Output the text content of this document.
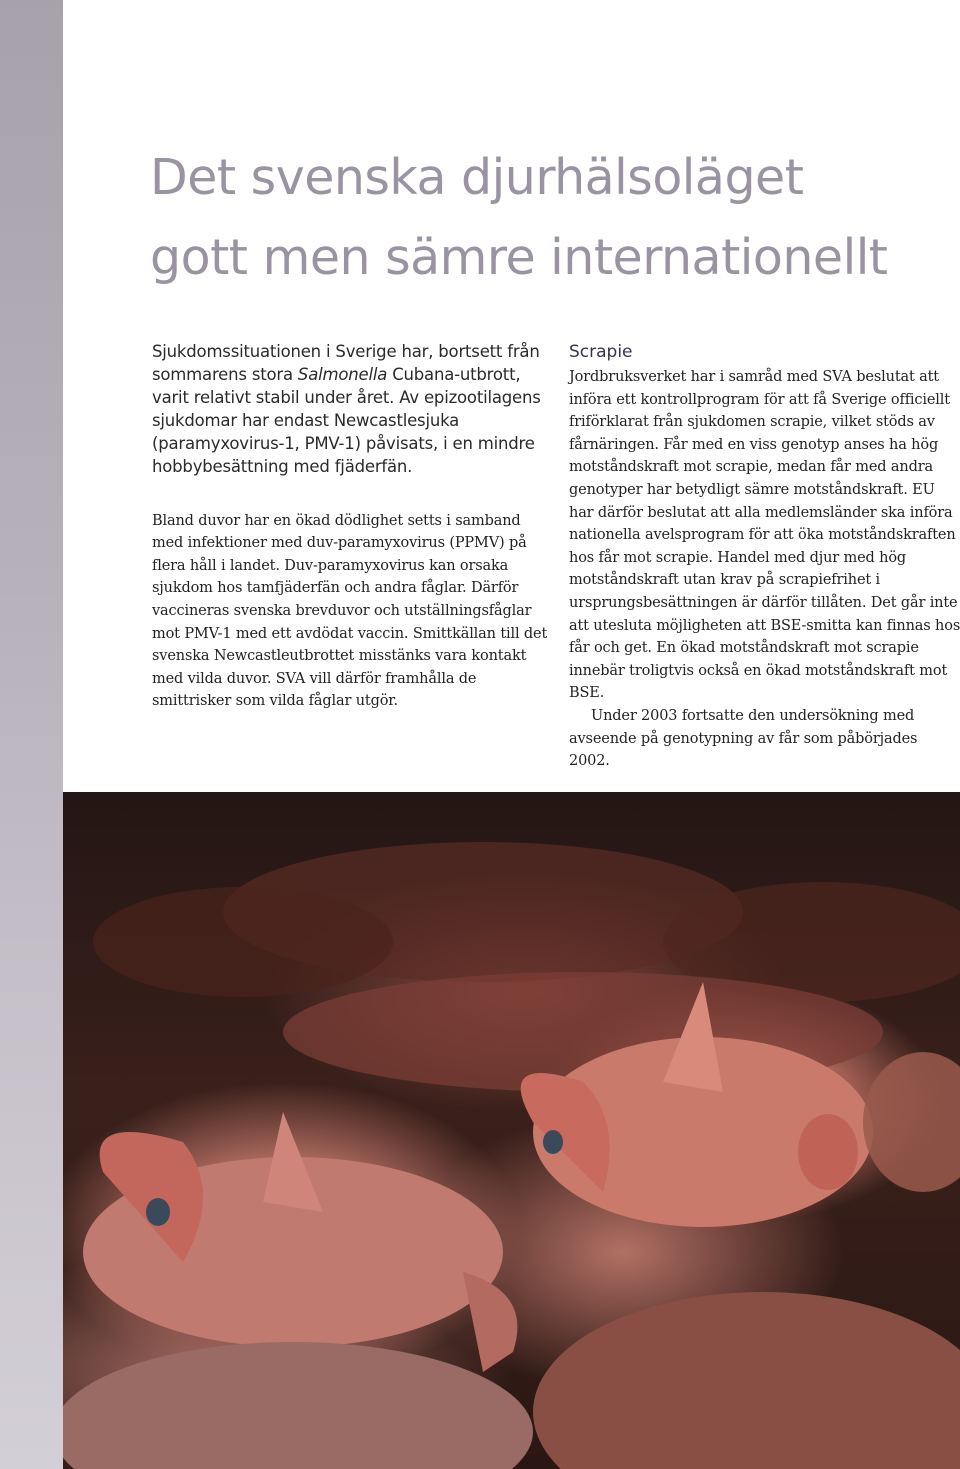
Det svenska djurhälsoläget
gott men sämre internationellt

Sjukdomssituationen i Sverige har, bortsett från sommarens stora Salmonella Cubana-utbrott, varit relativt stabil under året. Av epizootilagens sjukdomar har endast Newcastlesjuka (paramyxovirus-1, PMV-1) påvisats, i en mindre hobbybesättning med fjäderfän.

Bland duvor har en ökad dödlighet setts i samband med infektioner med duv-paramyxovirus (PPMV) på flera håll i landet. Duv-paramyxovirus kan orsaka sjukdom hos tamfjäderfän och andra fåglar. Därför vaccineras svenska brevduvor och utställningsfåglar mot PMV-1 med ett avdödat vaccin. Smittkällan till det svenska Newcastleutbrottet misstänks vara kontakt med vilda duvor. SVA vill därför framhålla de smittrisker som vilda fåglar utgör.

Scrapie

Jordbruksverket har i samråd med SVA beslutat att införa ett kontrollprogram för att få Sverige officiellt friförklarat från sjukdomen scrapie, vilket stöds av fårnäringen. Får med en viss genotyp anses ha hög motståndskraft mot scrapie, medan får med andra genotyper har betydligt sämre motståndskraft. EU har därför beslutat att alla medlemsländer ska införa nationella avelsprogram för att öka motståndskraften hos får mot scrapie. Handel med djur med hög motståndskraft utan krav på scrapiefrihet i ursprungsbesättningen är därför tillåten. Det går inte att utesluta möjligheten att BSE-smitta kan finnas hos får och get. En ökad motståndskraft mot scrapie innebär troligtvis också en ökad motståndskraft mot BSE.

Under 2003 fortsatte den undersökning med avseende på genotypning av får som påbörjades 2002.
